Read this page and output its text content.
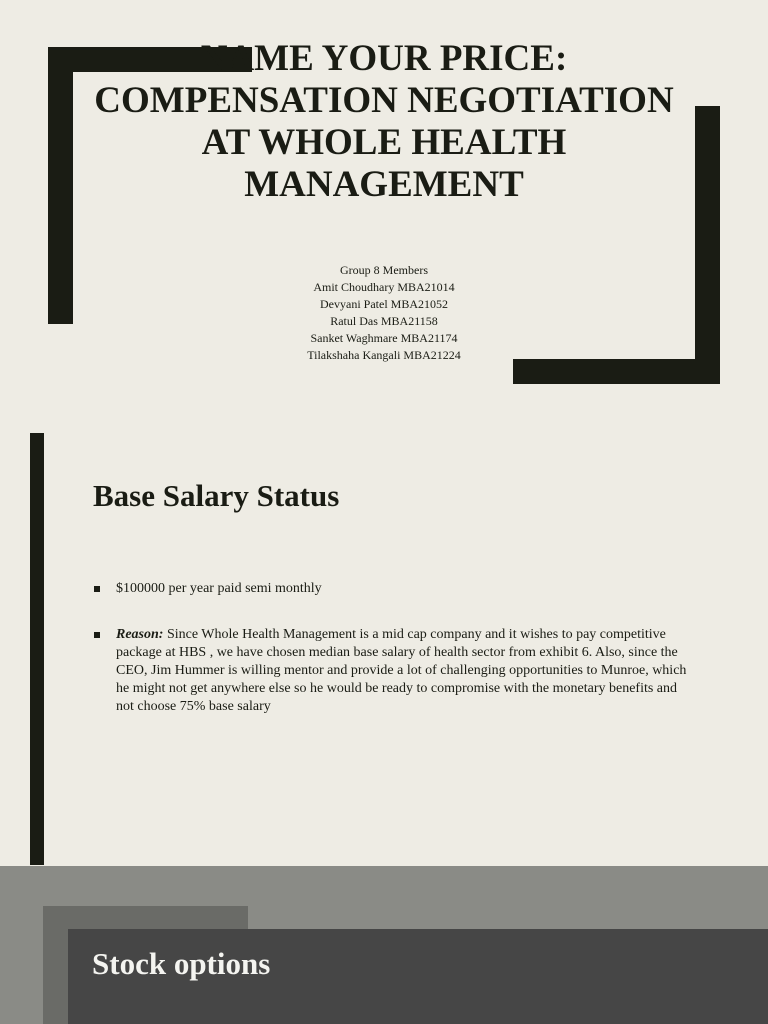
NAME YOUR PRICE: COMPENSATION NEGOTIATION AT WHOLE HEALTH MANAGEMENT
Group 8 Members
Amit Choudhary MBA21014
Devyani Patel MBA21052
Ratul Das MBA21158
Sanket Waghmare MBA21174
Tilakshaha Kangali MBA21224
Base Salary Status
$100000 per year paid semi monthly
Reason: Since Whole Health Management is a mid cap company and it wishes to pay competitive package at HBS , we have chosen median base salary of health sector from exhibit 6. Also, since the CEO, Jim Hummer is willing mentor and provide a lot of challenging opportunities to Munroe, which he might not get anywhere else so he would be ready to compromise with the monetary benefits and not choose 75% base salary
Stock options
